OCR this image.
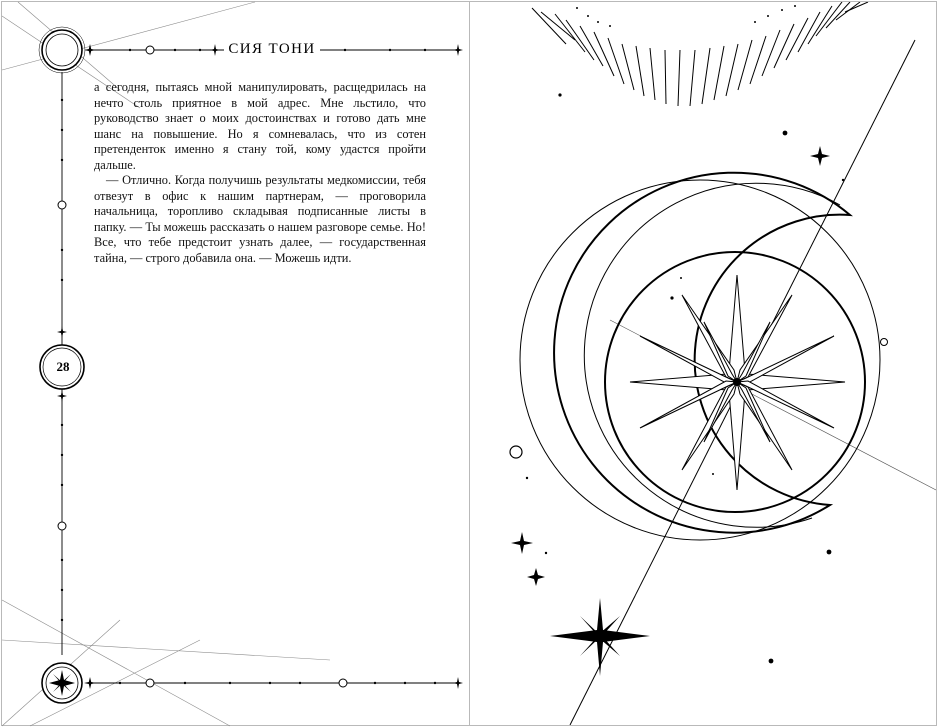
СИЯ ТОНИ

а сегодня, пытаясь мной манипулировать, расщедрилась на нечто столь приятное в мой адрес. Мне льстило, что руководство знает о моих достоинствах и готово дать мне шанс на повышение. Но я сомневалась, что из сотен претенденток именно я стану той, кому удастся пройти дальше.

— Отлично. Когда получишь результаты медкомиссии, тебя отвезут в офис к нашим партнерам, — проговорила начальница, торопливо складывая подписанные листы в папку. — Ты можешь рассказать о нашем разговоре семье. Но! Все, что тебе предстоит узнать далее, — государственная тайна, — строго добавила она. — Можешь идти.

28
